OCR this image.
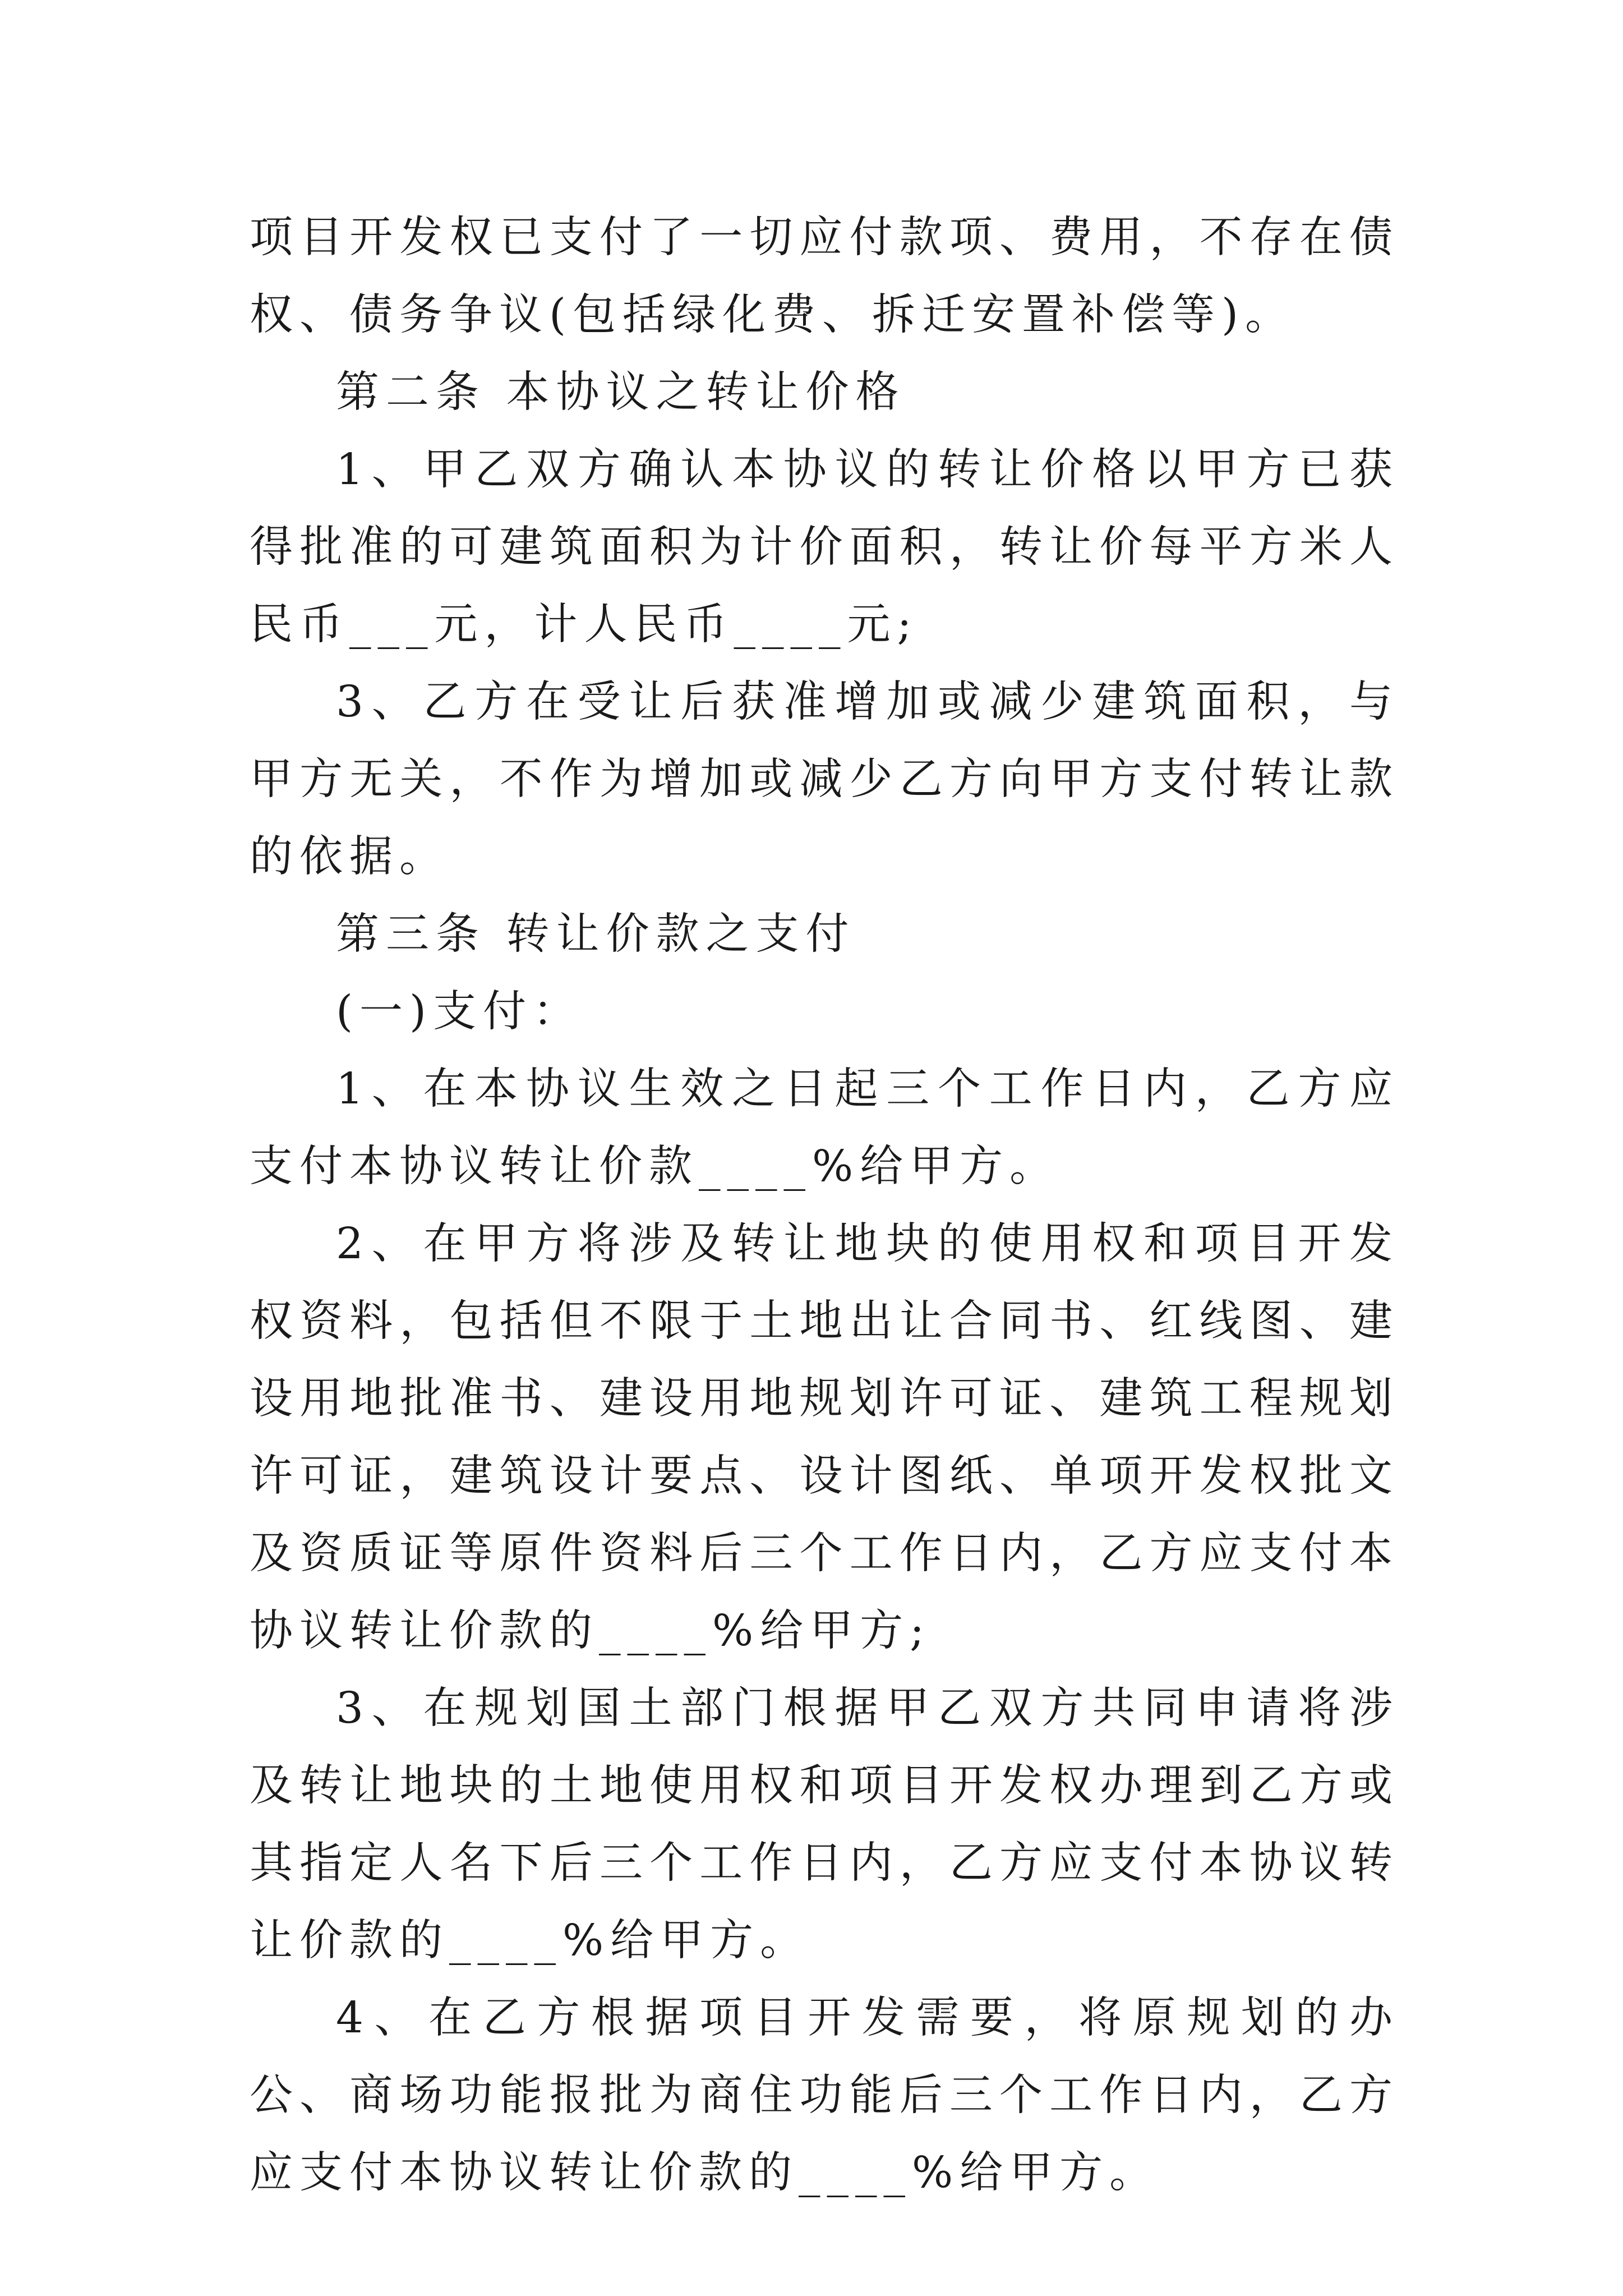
项目开发权已支付了一切应付款项、费用，不存在债权、债务争议(包括绿化费、拆迁安置补偿等)。

第二条 本协议之转让价格

1、甲乙双方确认本协议的转让价格以甲方已获得批准的可建筑面积为计价面积，转让价每平方米人民币___元，计人民币____元;

3、乙方在受让后获准增加或减少建筑面积，与甲方无关，不作为增加或减少乙方向甲方支付转让款的依据。

第三条 转让价款之支付

(一)支付：

1、在本协议生效之日起三个工作日内，乙方应支付本协议转让价款____%给甲方。

2、在甲方将涉及转让地块的使用权和项目开发权资料，包括但不限于土地出让合同书、红线图、建设用地批准书、建设用地规划许可证、建筑工程规划许可证，建筑设计要点、设计图纸、单项开发权批文及资质证等原件资料后三个工作日内，乙方应支付本协议转让价款的____%给甲方;

3、在规划国土部门根据甲乙双方共同申请将涉及转让地块的土地使用权和项目开发权办理到乙方或其指定人名下后三个工作日内，乙方应支付本协议转让价款的____%给甲方。

4、在乙方根据项目开发需要，将原规划的办公、商场功能报批为商住功能后三个工作日内，乙方应支付本协议转让价款的____%给甲方。
